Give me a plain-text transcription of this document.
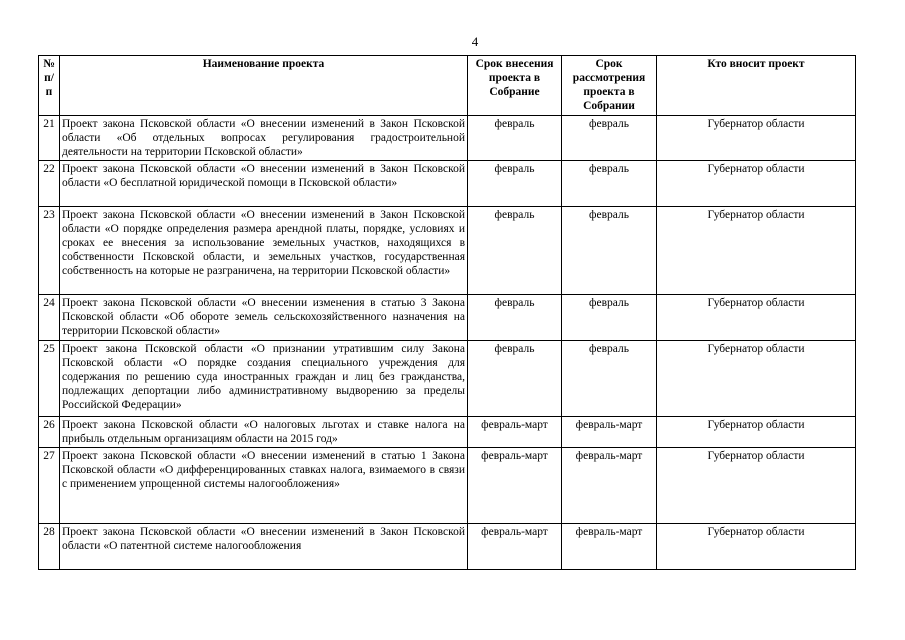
4
№ п/п	Наименование проекта	Срок внесения проекта в Собрание	Срок рассмотрения проекта в Собрании	Кто вносит проект
21	Проект закона Псковской области «О внесении изменений в Закон Псковской области «Об отдельных вопросах регулирования градостроительной деятельности на территории Псковской области»	февраль	февраль	Губернатор области
22	Проект закона Псковской области «О внесении изменений в Закон Псковской области «О бесплатной юридической помощи в Псковской области»	февраль	февраль	Губернатор области
23	Проект закона Псковской области «О внесении изменений в Закон Псковской области «О порядке определения размера арендной платы, порядке, условиях и сроках ее внесения за использование земельных участков, находящихся в собственности Псковской области, и земельных участков, государственная собственность на которые не разграничена, на территории Псковской области»	февраль	февраль	Губернатор области
24	Проект закона Псковской области «О внесении изменения в статью 3 Закона Псковской области «Об обороте земель сельскохозяйственного назначения на территории Псковской области»	февраль	февраль	Губернатор области
25	Проект закона Псковской области «О признании утратившим силу Закона Псковской области «О порядке создания специального учреждения для содержания по решению суда иностранных граждан и лиц без гражданства, подлежащих депортации либо административному выдворению за пределы Российской Федерации»	февраль	февраль	Губернатор области
26	Проект закона Псковской области «О налоговых льготах и ставке налога на прибыль отдельным организациям области на 2015 год»	февраль-март	февраль-март	Губернатор области
27	Проект закона Псковской области «О внесении изменений в статью 1 Закона Псковской области «О дифференцированных ставках налога, взимаемого в связи с применением упрощенной системы налогообложения»	февраль-март	февраль-март	Губернатор области
28	Проект закона Псковской области «О внесении изменений в Закон Псковской области «О патентной системе налогообложения	февраль-март	февраль-март	Губернатор области
